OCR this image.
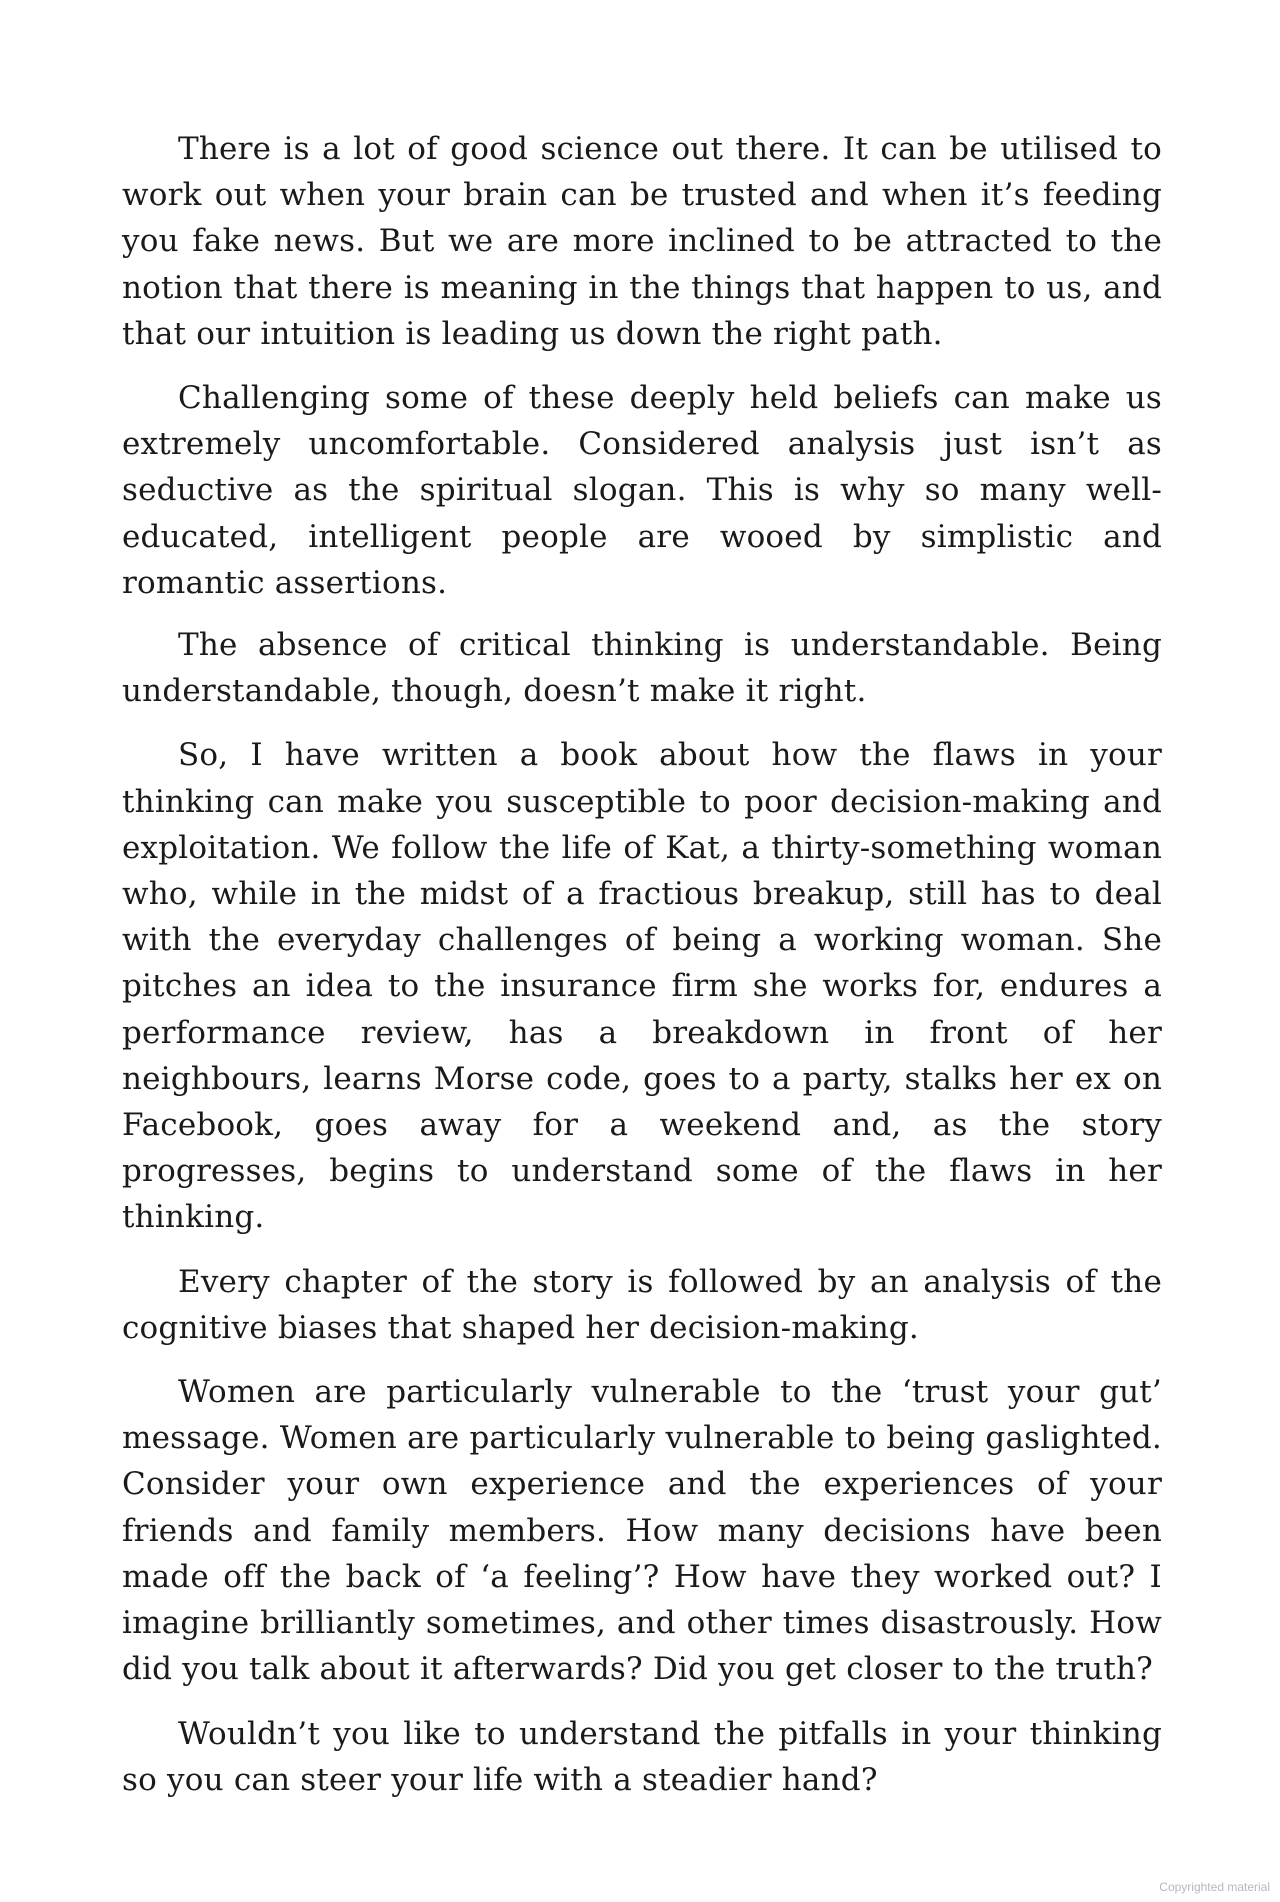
There is a lot of good science out there. It can be utilised to work out when your brain can be trusted and when it’s feeding you fake news. But we are more inclined to be attracted to the notion that there is meaning in the things that happen to us, and that our intuition is leading us down the right path.

Challenging some of these deeply held beliefs can make us extremely uncomfortable. Considered analysis just isn’t as seductive as the spiritual slogan. This is why so many well-educated, intelligent people are wooed by simplistic and romantic assertions.

The absence of critical thinking is understandable. Being understandable, though, doesn’t make it right.

So, I have written a book about how the flaws in your thinking can make you susceptible to poor decision-making and exploitation. We follow the life of Kat, a thirty-something woman who, while in the midst of a fractious breakup, still has to deal with the everyday challenges of being a working woman. She pitches an idea to the insurance firm she works for, endures a performance review, has a breakdown in front of her neighbours, learns Morse code, goes to a party, stalks her ex on Facebook, goes away for a weekend and, as the story progresses, begins to understand some of the flaws in her thinking.

Every chapter of the story is followed by an analysis of the cognitive biases that shaped her decision-making.

Women are particularly vulnerable to the ‘trust your gut’ message. Women are particularly vulnerable to being gaslighted. Consider your own experience and the experiences of your friends and family members. How many decisions have been made off the back of ‘a feeling’? How have they worked out? I imagine brilliantly sometimes, and other times disastrously. How did you talk about it afterwards? Did you get closer to the truth?

Wouldn’t you like to understand the pitfalls in your thinking so you can steer your life with a steadier hand?

Copyrighted material
